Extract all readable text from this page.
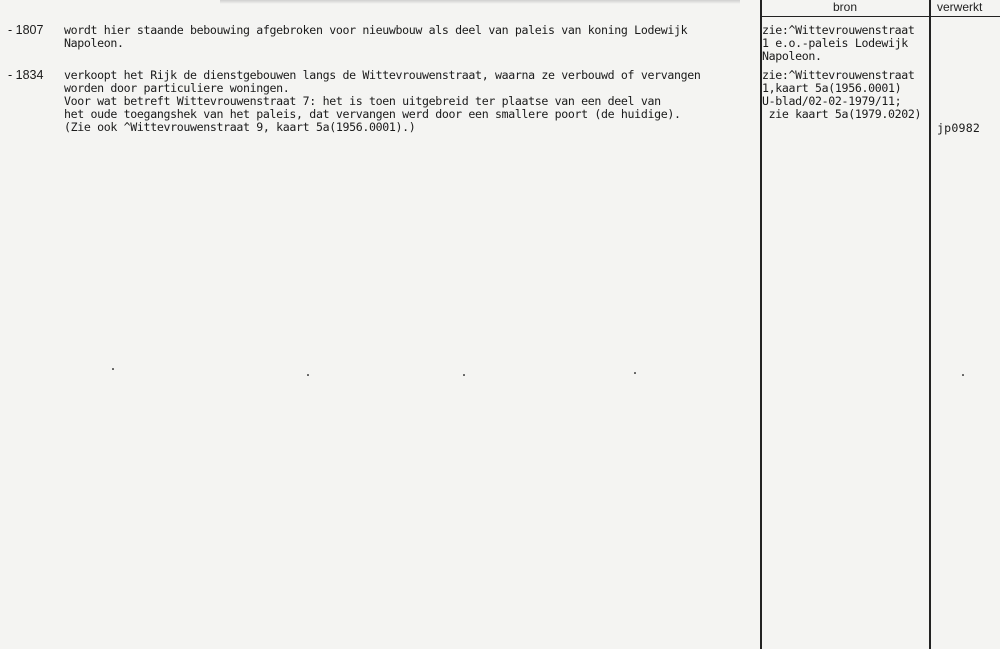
bron	verwerkt
- 1807 wordt hier staande bebouwing afgebroken voor nieuwbouw als deel van paleis van koning Lodewijk
Napoleon.
zie:^Wittevrouwenstraat
1 e.o.-paleis Lodewijk
Napoleon.
- 1834 verkoopt het Rijk de dienstgebouwen langs de Wittevrouwenstraat, waarna ze verbouwd of vervangen
worden door particuliere woningen.
Voor wat betreft Wittevrouwenstraat 7: het is toen uitgebreid ter plaatse van een deel van
het oude toegangshek van het paleis, dat vervangen werd door een smallere poort (de huidige).
(Zie ook ^Wittevrouwenstraat 9, kaart 5a(1956.0001).)
zie:^Wittevrouwenstraat
1,kaart 5a(1956.0001)
U-blad/02-02-1979/11;
zie kaart 5a(1979.0202)
jp0982
